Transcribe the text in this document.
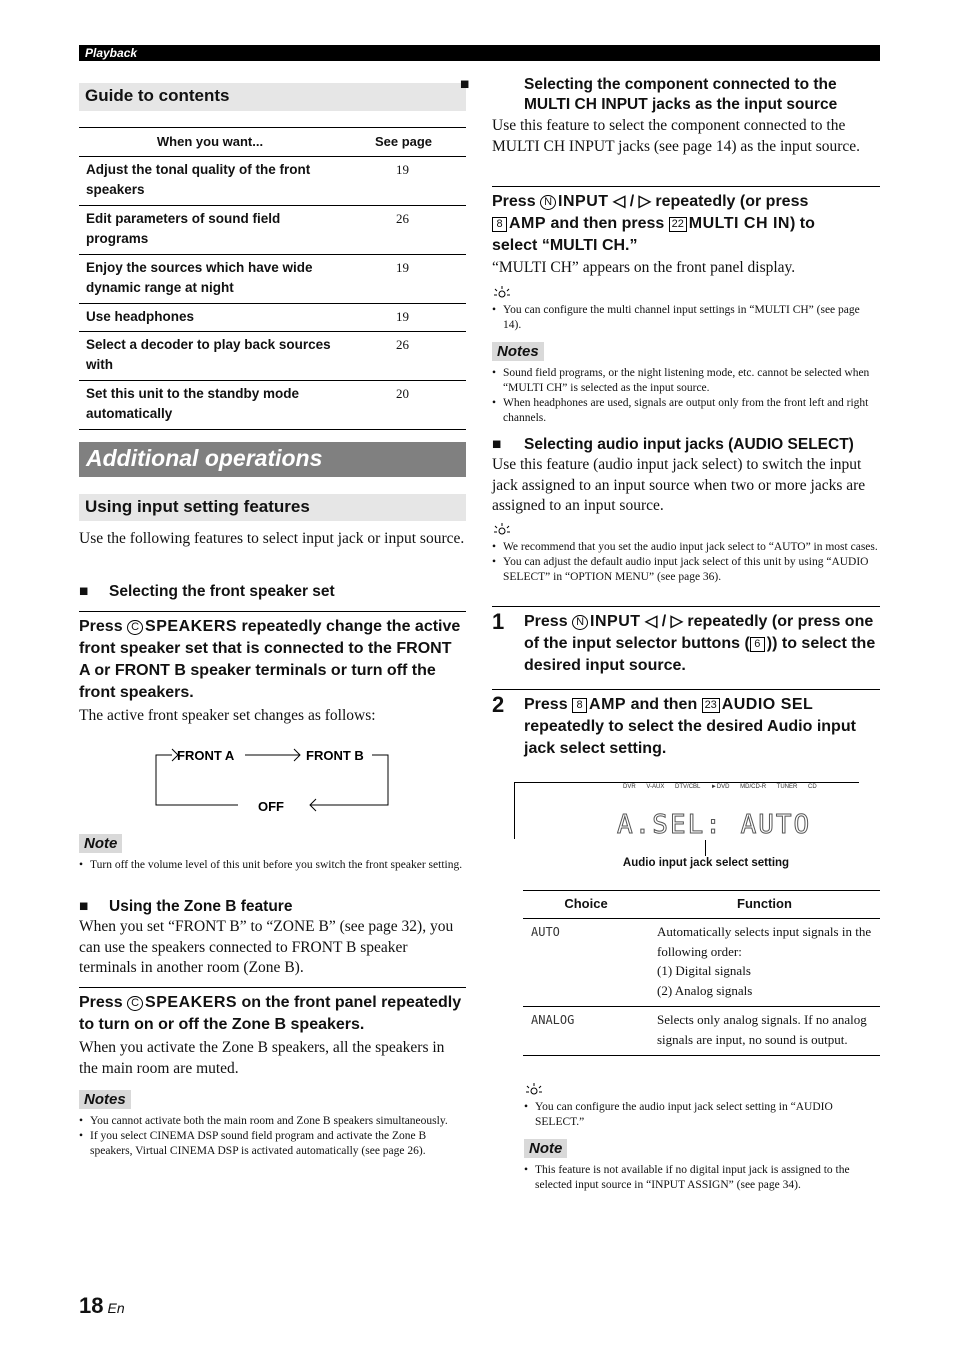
Playback
Guide to contents
When you want...	See page
Adjust the tonal quality of the front speakers	19
Edit parameters of sound field programs	26
Enjoy the sources which have wide dynamic range at night	19
Use headphones	19
Select a decoder to play back sources with	26
Set this unit to the standby mode automatically	20
Additional operations
Using input setting features
Use the following features to select input jack or input source.
■ Selecting the front speaker set
Press C SPEAKERS repeatedly change the active front speaker set that is connected to the FRONT A or FRONT B speaker terminals or turn off the front speakers.
The active front speaker set changes as follows:
FRONT A	FRONT B
OFF
Note
• Turn off the volume level of this unit before you switch the front speaker setting.
■ Using the Zone B feature
When you set “FRONT B” to “ZONE B” (see page 32), you can use the speakers connected to FRONT B speaker terminals in another room (Zone B).
Press C SPEAKERS on the front panel repeatedly to turn on or off the Zone B speakers.
When you activate the Zone B speakers, all the speakers in the main room are muted.
Notes
• You cannot activate both the main room and Zone B speakers simultaneously.
• If you select CINEMA DSP sound field program and activate the Zone B speakers, Virtual CINEMA DSP is activated automatically (see page 26).
18 En
■	Selecting the component connected to the MULTI CH INPUT jacks as the input source
Use this feature to select the component connected to the MULTI CH INPUT jacks (see page 14) as the input source.
Press N INPUT ◁ / ▷ repeatedly (or press
8 AMP and then press 22 MULTI CH IN) to
select “MULTI CH.”
“MULTI CH” appears on the front panel display.
• You can configure the multi channel input settings in “MULTI CH” (see page 14).
Notes
• Sound field programs, or the night listening mode, etc. cannot be selected when “MULTI CH” is selected as the input source.
• When headphones are used, signals are output only from the front left and right channels.
■ Selecting audio input jacks (AUDIO SELECT)
Use this feature (audio input jack select) to switch the input jack assigned to an input source when two or more jacks are assigned to an input source.
• We recommend that you set the audio input jack select to “AUTO” in most cases.
• You can adjust the default audio input jack select of this unit by using “AUDIO SELECT” in “OPTION MENU” (see page 36).
1 Press N INPUT ◁ / ▷ repeatedly (or press one of the input selector buttons ( 6 )) to select the desired input source.
2 Press 8 AMP and then 23 AUDIO SEL repeatedly to select the desired Audio input jack select setting.
DVR V-AUX DTV/CBL ►DVD MD/CD-R TUNER CD
A.SEL: AUTO
Audio input jack select setting
Choice	Function
AUTO	Automatically selects input signals in the following order:
(1) Digital signals
(2) Analog signals

ANALOG	Selects only analog signals. If no analog signals are input, no sound is output.
• You can configure the audio input jack select setting in “AUDIO SELECT.”
Note
• This feature is not available if no digital input jack is assigned to the selected input source in “INPUT ASSIGN” (see page 34).
